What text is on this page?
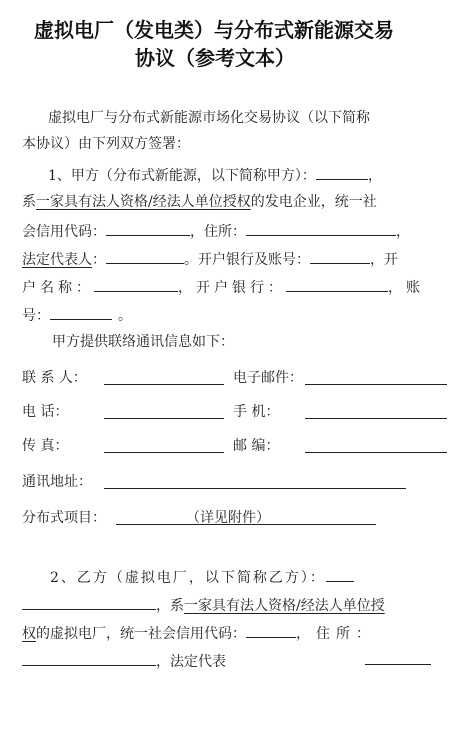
虚拟电厂（发电类）与分布式新能源交易
协议（参考文本）
虚拟电厂与分布式新能源市场化交易协议（以下简称
本协议）由下列双方签署：
1、甲方（分布式新能源，以下简称甲方）：	，
系一家具有法人资格/经法人单位授权的发电企业，统一社
会信用代码：	，住所：	，
法定代表人：	。开户银行及账号：	，开
户名称：	，开户银行：	，账
号：	。
甲方提供联络通讯信息如下：
联 系 人：	电子邮件：
电 话：	手 机：
传 真：	邮 编：
通讯地址：
分布式项目：	（详见附件）
2、乙方（虚拟电厂，以下简称乙方）：
，系一家具有法人资格/经法人单位授
权的虚拟电厂，统一社会信用代码：	，住所：
，法定代表
